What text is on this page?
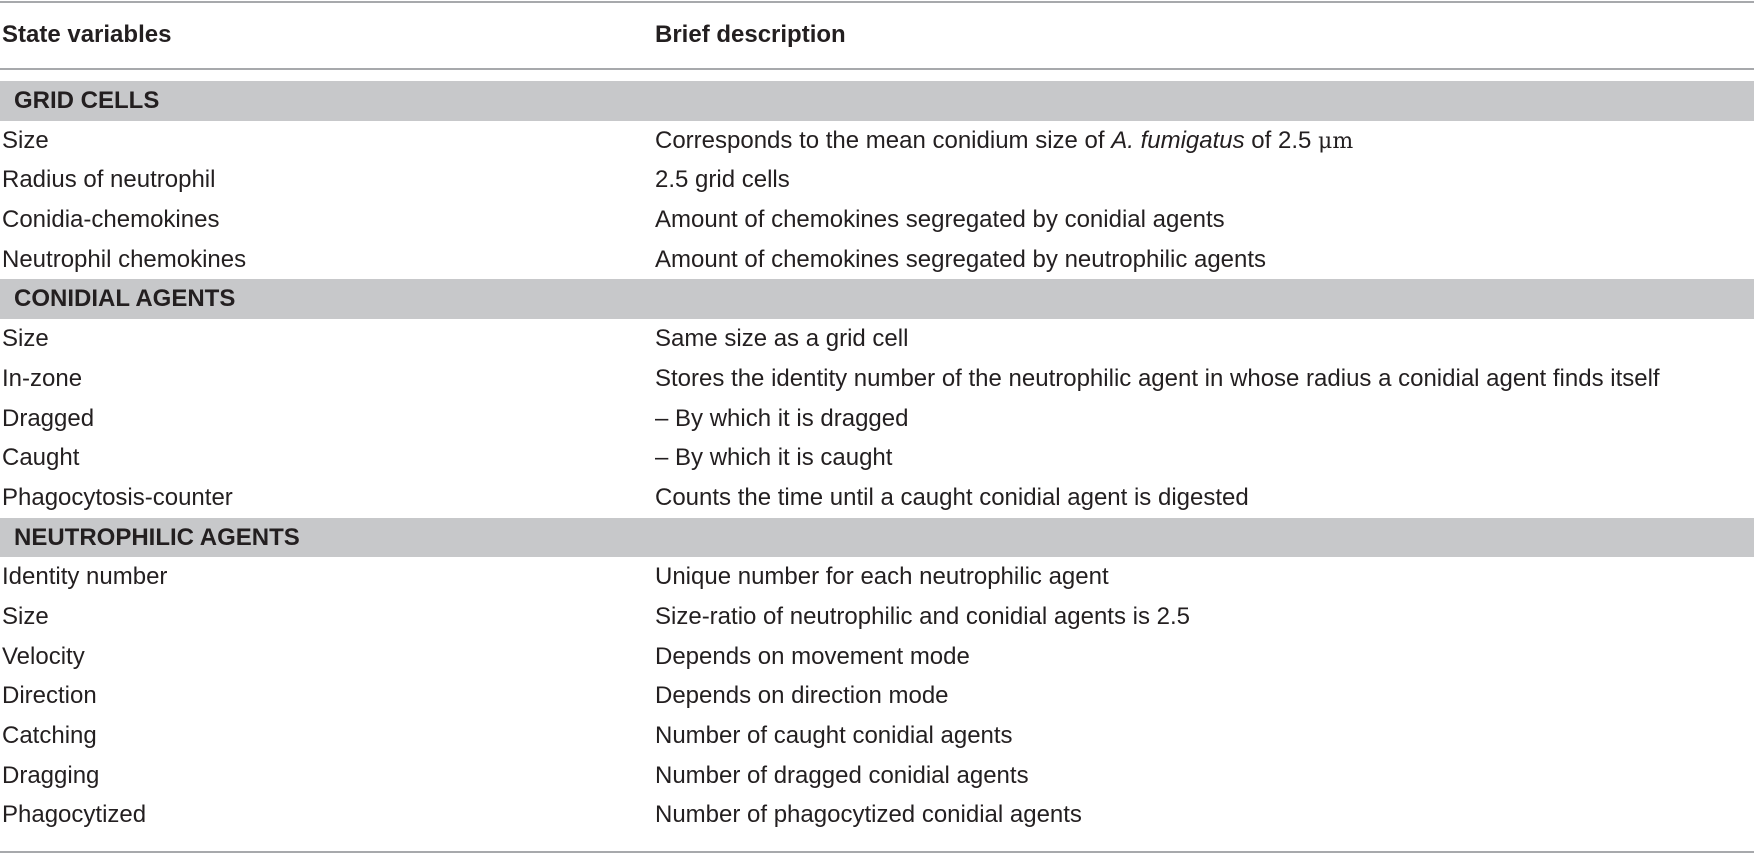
State variables	Brief description
GRID CELLS
Size	Corresponds to the mean conidium size of A. fumigatus of 2.5 μm
Radius of neutrophil	2.5 grid cells
Conidia-chemokines	Amount of chemokines segregated by conidial agents
Neutrophil chemokines	Amount of chemokines segregated by neutrophilic agents
CONIDIAL AGENTS
Size	Same size as a grid cell
In-zone	Stores the identity number of the neutrophilic agent in whose radius a conidial agent finds itself
Dragged	– By which it is dragged
Caught	– By which it is caught
Phagocytosis-counter	Counts the time until a caught conidial agent is digested
NEUTROPHILIC AGENTS
Identity number	Unique number for each neutrophilic agent
Size	Size-ratio of neutrophilic and conidial agents is 2.5
Velocity	Depends on movement mode
Direction	Depends on direction mode
Catching	Number of caught conidial agents
Dragging	Number of dragged conidial agents
Phagocytized	Number of phagocytized conidial agents
